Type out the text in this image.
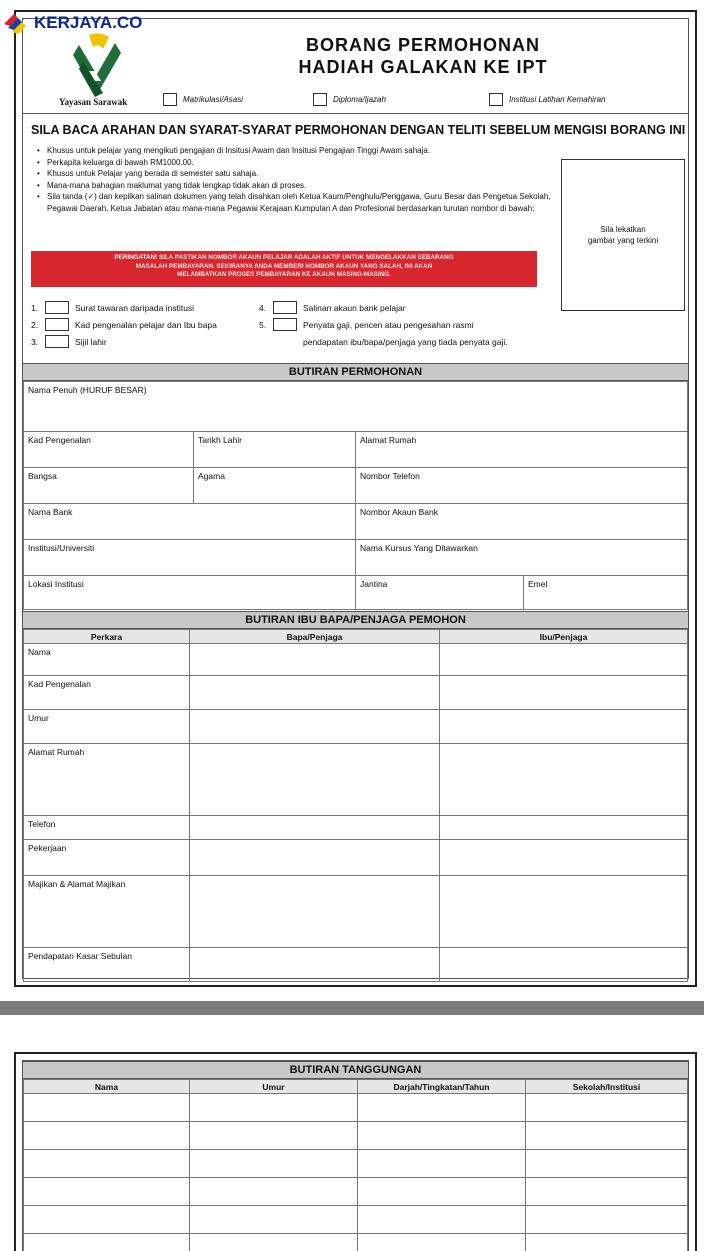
KERJAYA.CO
Yayasan Sarawak
BORANG PERMOHONAN
HADIAH GALAKAN KE IPT
Matrikulasi/Asasi	Diploma/Ijazah	Institusi Latihan Kemahiran
SILA BACA ARAHAN DAN SYARAT-SYARAT PERMOHONAN DENGAN TELITI SEBELUM MENGISI BORANG INI
• Khusus untuk pelajar yang mengikuti pengajian di Insitusi Awam dan Insitusi Pengajian Tinggi Awam sahaja.
• Perkapita keluarga di bawah RM1000.00.
• Khusus untuk Pelajar yang berada di semester satu sahaja.
• Mana-mana bahagian maklumat yang tidak lengkap tidak akan di proses.
• Sila tanda (✓) dan kepilkan salinan dokumen yang telah disahkan oleh Ketua Kaum/Penghulu/Penggawa, Guru Besar dan Pengetua Sekolah, Pegawai Daerah, Ketua Jabatan atau mana-mana Pegawai Kerajaan Kumpulan A dan Profesional berdasarkan turutan nombor di bawah;
Sila lekatkan
gambar yang terkini
PERINGATAN! SILA PASTIKAN NOMBOR AKAUN PELAJAR ADALAH AKTIF UNTUK MENGELAKKAN SEBARANG
MASALAH PEMBAYARAN. SEKIRANYA ANDA MEMBERI NOMBOR AKAUN YANG SALAH, INI AKAN
MELAMBATKAN PROSES PEMBAYARAN KE AKAUN MASING-MASING.
1.	Surat tawaran daripada institusi
2.	Kad pengenalan pelajar dan Ibu bapa
3.	Sijil lahir
4.	Salinan akaun bank pelajar
5.	Penyata gaji, pencen atau pengesahan rasmi
pendapatan ibu/bapa/penjaga yang tiada penyata gaji.
BUTIRAN PERMOHONAN
Nama Penuh (HURUF BESAR)			
Kad Pengenalan	Tarikh Lahir	Alamat Rumah	
Bangsa	Agama	Nombor Telefon	
Nama Bank		Nombor Akaun Bank	
Institusi/Universiti		Nama Kursus Yang Ditawarkan	
Lokasi Institusi		Jantina	Emel
BUTIRAN IBU BAPA/PENJAGA PEMOHON
Perkara	Bapa/Penjaga	Ibu/Penjaga
Nama		
Kad Pengenalan		
Umur		
Alamat Rumah		
Telefon		
Pekerjaan		
Majikan & Alamat Majikan		
Pendapatan Kasar Sebulan		
BUTIRAN TANGGUNGAN
Nama	Umur	Darjah/Tingkatan/Tahun	Sekolah/Institusi
